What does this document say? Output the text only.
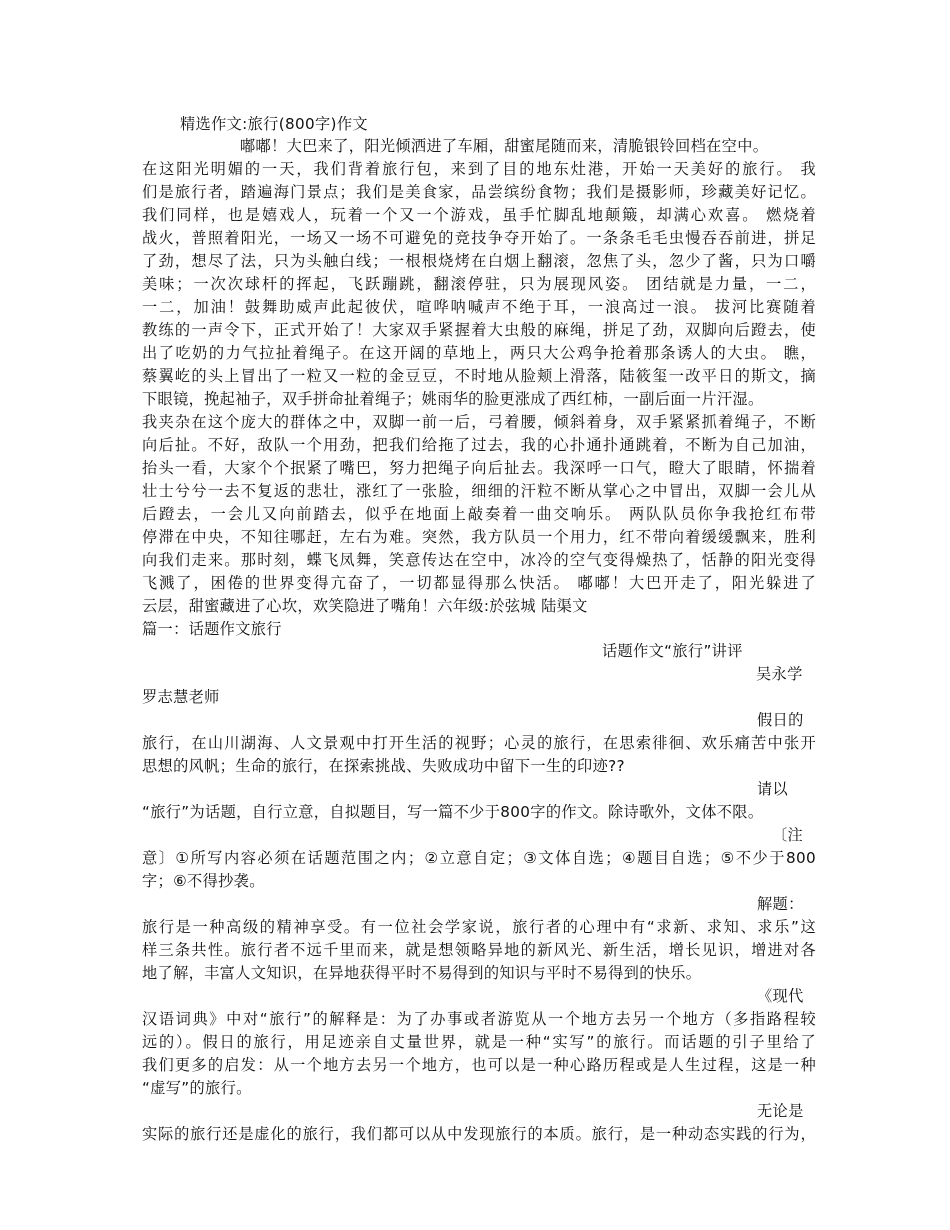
精选作文:旅行(800字)作文
嘟嘟！大巴来了，阳光倾洒进了车厢，甜蜜尾随而来，清脆银铃回档在空中。
在这阳光明媚的一天，我们背着旅行包，来到了目的地东灶港，开始一天美好的旅行。 我
们是旅行者，踏遍海门景点；我们是美食家，品尝缤纷食物；我们是摄影师，珍藏美好记忆。
我们同样，也是嬉戏人，玩着一个又一个游戏，虽手忙脚乱地颠簸，却满心欢喜。 燃烧着
战火，普照着阳光，一场又一场不可避免的竞技争夺开始了。一条条毛毛虫慢吞吞前进，拼足
了劲，想尽了法，只为头触白线；一根根烧烤在白烟上翻滚，忽焦了头，忽少了酱，只为口嚼
美味；一次次球杆的挥起，飞跃蹦跳，翻滚停驻，只为展现风姿。 团结就是力量，一二，
一二，加油！鼓舞助威声此起彼伏，喧哗呐喊声不绝于耳，一浪高过一浪。 拔河比赛随着
教练的一声令下，正式开始了！大家双手紧握着大虫般的麻绳，拼足了劲，双脚向后蹬去，使
出了吃奶的力气拉扯着绳子。在这开阔的草地上，两只大公鸡争抢着那条诱人的大虫。 瞧，
蔡翼屹的头上冒出了一粒又一粒的金豆豆，不时地从脸颊上滑落，陆筱玺一改平日的斯文，摘
下眼镜，挽起袖子，双手拼命扯着绳子；姚雨华的脸更涨成了西红柿，一副后面一片汗湿。
我夹杂在这个庞大的群体之中，双脚一前一后，弓着腰，倾斜着身，双手紧紧抓着绳子，不断
向后扯。不好，敌队一个用劲，把我们给拖了过去，我的心扑通扑通跳着，不断为自己加油，
抬头一看，大家个个抿紧了嘴巴，努力把绳子向后扯去。我深呼一口气，瞪大了眼睛，怀揣着
壮士兮兮一去不复返的悲壮，涨红了一张脸，细细的汗粒不断从掌心之中冒出，双脚一会儿从
后蹬去，一会儿又向前踏去，似乎在地面上敲奏着一曲交响乐。 两队队员你争我抢红布带
停滞在中央，不知往哪赶，左右为难。突然，我方队员一个用力，红不带向着缓缓飘来，胜利
向我们走来。那时刻，蝶飞凤舞，笑意传达在空中，冰冷的空气变得燥热了，恬静的阳光变得
飞溅了，困倦的世界变得亢奋了，一切都显得那么快活。 嘟嘟！大巴开走了，阳光躲进了
云层，甜蜜藏进了心坎，欢笑隐进了嘴角！六年级:於弦城 陆渠文
篇一：话题作文旅行
话题作文“旅行”讲评
吴永学
罗志慧老师
假日的
旅行，在山川湖海、人文景观中打开生活的视野；心灵的旅行，在思索徘徊、欢乐痛苦中张开
思想的风帆；生命的旅行，在探索挑战、失败成功中留下一生的印迹??
请以
“旅行”为话题，自行立意，自拟题目，写一篇不少于800字的作文。除诗歌外，文体不限。
〔注
意〕①所写内容必须在话题范围之内；②立意自定；③文体自选；④题目自选；⑤不少于800
字；⑥不得抄袭。
解题：
旅行是一种高级的精神享受。有一位社会学家说，旅行者的心理中有“求新、求知、求乐”这
样三条共性。旅行者不远千里而来，就是想领略异地的新风光、新生活，增长见识，增进对各
地了解，丰富人文知识，在异地获得平时不易得到的知识与平时不易得到的快乐。
《现代
汉语词典》中对“旅行”的解释是：为了办事或者游览从一个地方去另一个地方（多指路程较
远的）。假日的旅行，用足迹亲自丈量世界，就是一种“实写”的旅行。而话题的引子里给了
我们更多的启发：从一个地方去另一个地方，也可以是一种心路历程或是人生过程，这是一种
“虚写”的旅行。
无论是
实际的旅行还是虚化的旅行，我们都可以从中发现旅行的本质。旅行，是一种动态实践的行为，
